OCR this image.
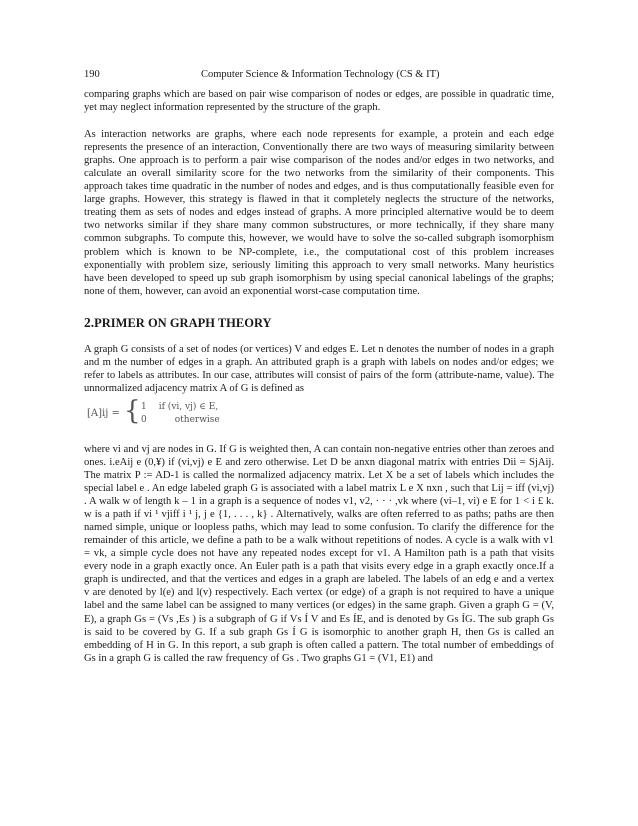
190	Computer Science & Information Technology (CS & IT)

comparing graphs which are based on pair wise comparison of nodes or edges, are possible in quadratic time, yet may neglect information represented by the structure of the graph.

As interaction networks are graphs, where each node represents for example, a protein and each edge represents the presence of an interaction, Conventionally there are two ways of measuring similarity between graphs. One approach is to perform a pair wise comparison of the nodes and/or edges in two networks, and calculate an overall similarity score for the two networks from the similarity of their components. This approach takes time quadratic in the number of nodes and edges, and is thus computationally feasible even for large graphs. However, this strategy is flawed in that it completely neglects the structure of the networks, treating them as sets of nodes and edges instead of graphs. A more principled alternative would be to deem two networks similar if they share many common substructures, or more technically, if they share many common subgraphs. To compute this, however, we would have to solve the so-called subgraph isomorphism problem which is known to be NP-complete, i.e., the computational cost of this problem increases exponentially with problem size, seriously limiting this approach to very small networks. Many heuristics have been developed to speed up sub graph isomorphism by using special canonical labelings of the graphs; none of them, however, can avoid an exponential worst-case computation time.

2.PRIMER ON GRAPH THEORY

A graph G consists of a set of nodes (or vertices) V and edges E. Let n denotes the number of nodes in a graph and m the number of edges in a graph. An attributed graph is a graph with labels on nodes and/or edges; we refer to labels as attributes. In our case, attributes will consist of pairs of the form (attribute-name, value). The unnormalized adjacency matrix A of G is defined as

[A]ij = { 1 if (vi, vj) ∈ E,
0	otherwise

where vi and vj are nodes in G. If G is weighted then, A can contain non-negative entries other than zeroes and ones. i.eAij e (0,¥) if (vi,vj) e E and zero otherwise. Let D be anxn diagonal matrix with entries Dii = SjAij. The matrix P := AD-1 is called the normalized adjacency matrix. Let X be a set of labels which includes the special label e . An edge labeled graph G is associated with a label matrix L e X nxn , such that Lij = iff (vi,vj) . A walk w of length k – 1 in a graph is a sequence of nodes v1, v2, · · · ,vk where (vi–1, vi) e E for 1 < i £ k. w is a path if vi ¹ vjiff i ¹ j, j e {1, . . . , k} . Alternatively, walks are often referred to as paths; paths are then named simple, unique or loopless paths, which may lead to some confusion. To clarify the difference for the remainder of this article, we define a path to be a walk without repetitions of nodes. A cycle is a walk with v1 = vk, a simple cycle does not have any repeated nodes except for v1. A Hamilton path is a path that visits every node in a graph exactly once. An Euler path is a path that visits every edge in a graph exactly once.If a graph is undirected, and that the vertices and edges in a graph are labeled. The labels of an edg e and a vertex v are denoted by l(e) and l(v) respectively. Each vertex (or edge) of a graph is not required to have a unique label and the same label can be assigned to many vertices (or edges) in the same graph. Given a graph G = (V, E), a graph Gs = (Vs ,Es ) is a subgraph of G if Vs Í V and Es ÍE, and is denoted by Gs ÍG. The sub graph Gs is said to be covered by G. If a sub graph Gs Í G is isomorphic to another graph H, then Gs is called an embedding of H in G. In this report, a sub graph is often called a pattern. The total number of embeddings of Gs in a graph G is called the raw frequency of Gs . Two graphs G1 = (V1, E1) and
